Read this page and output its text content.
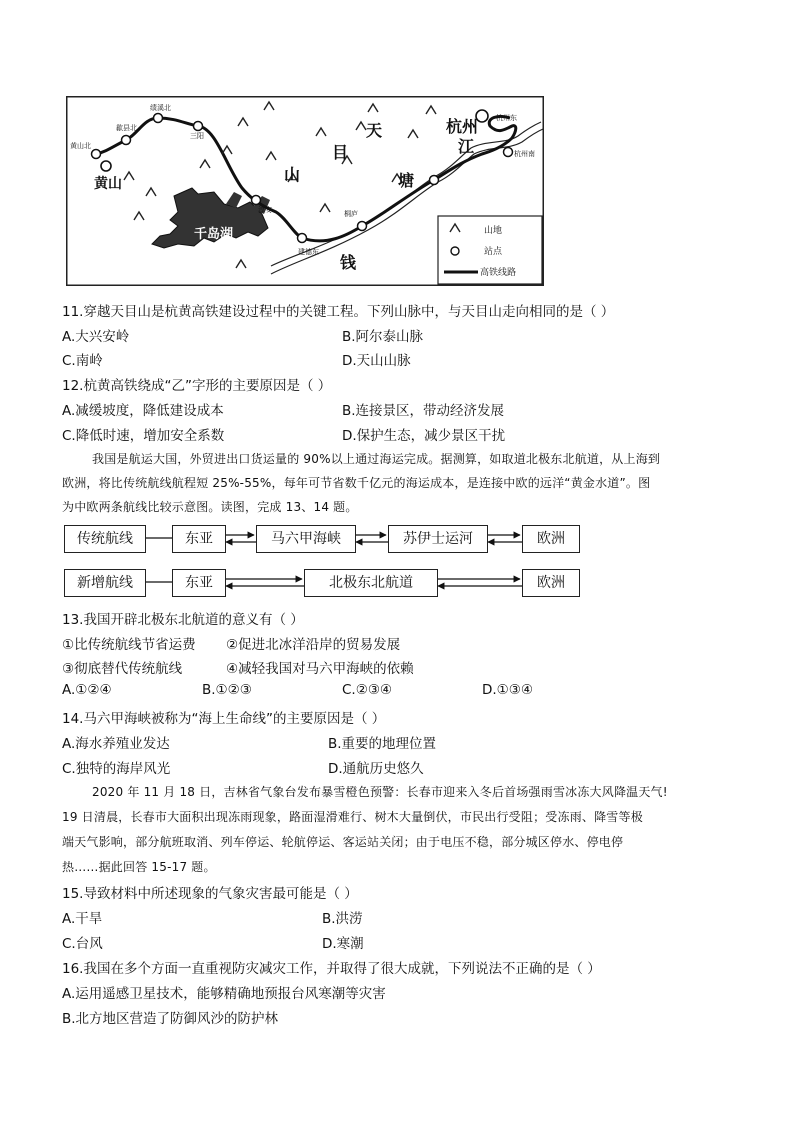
天
目
山	塘
钱
杭州
江
黄山
千岛湖
黄山北
歙县北
绩溪北
三阳
淳安
建德东
桐庐
杭州东
杭州南
山地
站点
高铁线路
11.穿越天目山是杭黄高铁建设过程中的关键工程。下列山脉中，与天目山走向相同的是（ ）
A.大兴安岭	B.阿尔泰山脉
C.南岭	D.天山山脉
12.杭黄高铁绕成“乙”字形的主要原因是（ ）
A.减缓坡度，降低建设成本	B.连接景区，带动经济发展
C.降低时速，增加安全系数	D.保护生态，减少景区干扰
我国是航运大国，外贸进出口货运量的 90%以上通过海运完成。据测算，如取道北极东北航道，从上海到
欧洲，将比传统航线航程短 25%-55%，每年可节省数千亿元的海运成本，是连接中欧的远洋“黄金水道”。图
为中欧两条航线比较示意图。读图，完成 13、14 题。
传统航线	东亚	马六甲海峡	苏伊士运河	欧洲
新增航线	东亚	北极东北航道	欧洲
13.我国开辟北极东北航道的意义有（ ）
①比传统航线节省运费 ②促进北冰洋沿岸的贸易发展
③彻底替代传统航线	④减轻我国对马六甲海峡的依赖
A.①②④	B.①②③	C.②③④	D.①③④
14.马六甲海峡被称为“海上生命线”的主要原因是（ ）
A.海水养殖业发达	B.重要的地理位置
C.独特的海岸风光	D.通航历史悠久
2020 年 11 月 18 日，吉林省气象台发布暴雪橙色预警：长春市迎来入冬后首场强雨雪冰冻大风降温天气!
19 日清晨，长春市大面积出现冻雨现象，路面湿滑难行、树木大量倒伏，市民出行受阻；受冻雨、降雪等极
端天气影响，部分航班取消、列车停运、轮航停运、客运站关闭；由于电压不稳，部分城区停水、停电停
热……据此回答 15-17 题。
15.导致材料中所述现象的气象灾害最可能是（ ）
A.干旱	B.洪涝
C.台风	D.寒潮
16.我国在多个方面一直重视防灾减灾工作，并取得了很大成就，下列说法不正确的是（ ）
A.运用遥感卫星技术，能够精确地预报台风寒潮等灾害
B.北方地区营造了防御风沙的防护林
